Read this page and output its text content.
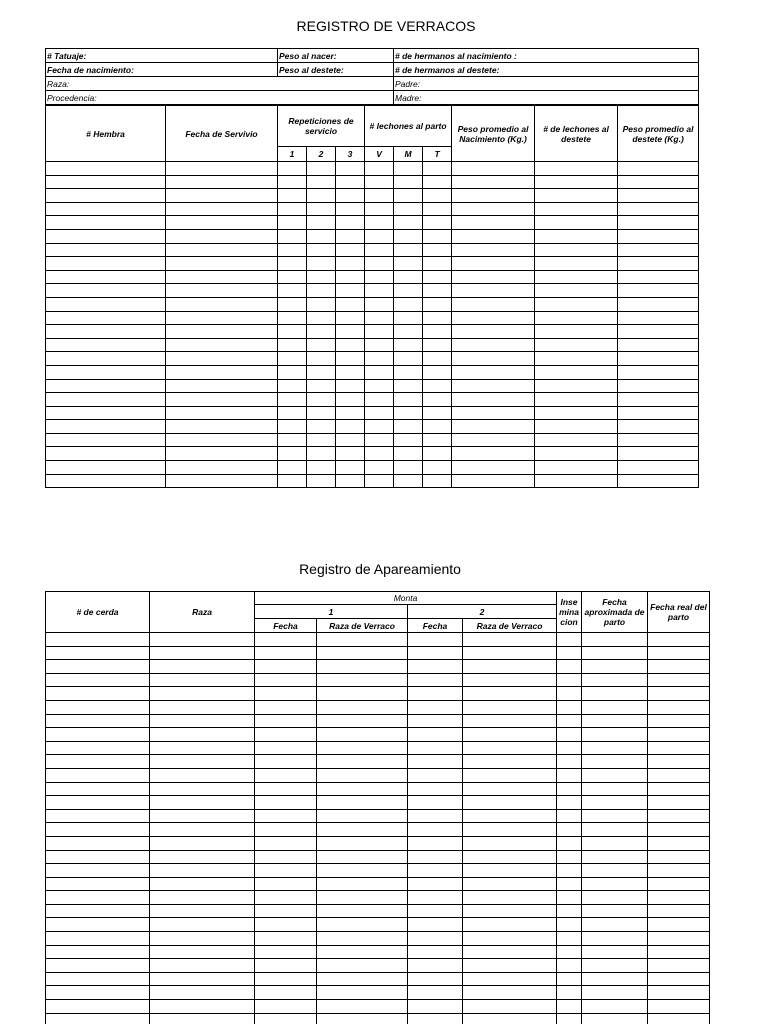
REGISTRO DE VERRACOS
# Tatuaje:	Peso al nacer:	# de hermanos al nacimiento :
Fecha de nacimiento:	Peso al destete:	# de hermanos al destete:
Raza:		Padre:
Procedencia:		Madre:
# Hembra	Fecha de Servivio	Repeticiones de servicio			# lechones al parto			Peso promedio al Nacimiento (Kg.)	# de lechones al destete	Peso promedio al destete (Kg.)
		1	2	3	V	M	T			

Registro de Apareamiento
# de cerda	Raza	Monta				Inse mina cion	Fecha aproximada de parto	Fecha real del parto
		1		2				
		Fecha	Raza de Verraco	Fecha	Raza de Verraco			
